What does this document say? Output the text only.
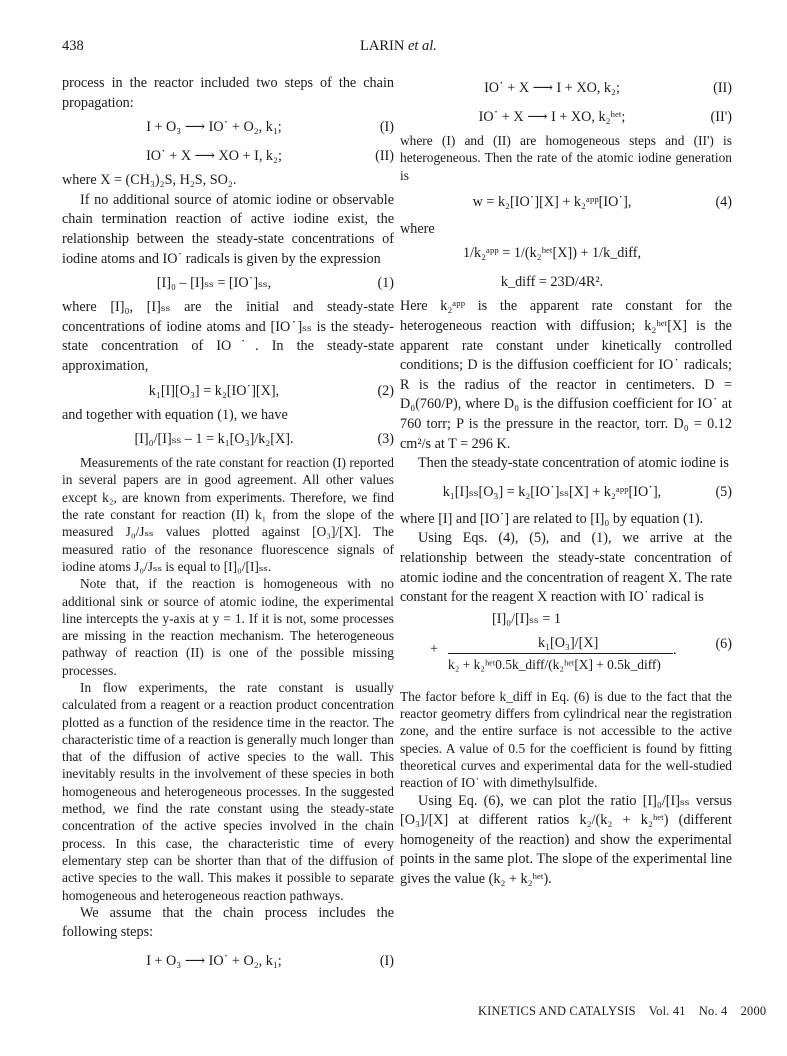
438	LARIN et al.

process in the reactor included two steps of the chain propagation:

I + O₃ ⟶ IO˙ + O₂, k₁;	(I)
IO˙ + X ⟶ XO + I, k₂;	(II)

where X = (CH₃)₂S, H₂S, SO₂.

If no additional source of atomic iodine or observable chain termination reaction of active iodine exist, the relationship between the steady-state concentrations of iodine atoms and IO˙ radicals is given by the expression

[I]₀ – [I]ₛₛ = [IO˙]ₛₛ,	(1)

where [I]₀, [I]ₛₛ are the initial and steady-state concentrations of iodine atoms and [IO˙]ₛₛ is the steady-state concentration of IO˙. In the steady-state approximation,

k₁[I][O₃] = k₂[IO˙][X],	(2)

and together with equation (1), we have

[I]₀/[I]ₛₛ – 1 = k₁[O₃]/k₂[X].	(3)

Measurements of the rate constant for reaction (I) reported in several papers are in good agreement. All other values except k₂, are known from experiments. Therefore, we find the rate constant for reaction (II) k₁ from the slope of the measured J₀/Jₛₛ values plotted against [O₃]/[X]. The measured ratio of the resonance fluorescence signals of iodine atoms J₀/Jₛₛ is equal to [I]₀/[I]ₛₛ.

Note that, if the reaction is homogeneous with no additional sink or source of atomic iodine, the experimental line intercepts the y-axis at y = 1. If it is not, some processes are missing in the reaction mechanism. The heterogeneous pathway of reaction (II) is one of the possible missing processes.

In flow experiments, the rate constant is usually calculated from a reagent or a reaction product concentration plotted as a function of the residence time in the reactor. The characteristic time of a reaction is generally much longer than that of the diffusion of active species to the wall. This inevitably results in the involvement of these species in both homogeneous and heterogeneous processes. In the suggested method, we find the rate constant using the steady-state concentration of the active species involved in the chain process. In this case, the characteristic time of every elementary step can be shorter than that of the diffusion of active species to the wall. This makes it possible to separate homogeneous and heterogeneous reaction pathways.

We assume that the chain process includes the following steps:

I + O₃ ⟶ IO˙ + O₂, k₁;	(I)
IO˙ + X ⟶ I + XO, k₂;	(II)
IO˙ + X ⟶ I + XO, k₂ʰᵉᵗ;	(II')

where (I) and (II) are homogeneous steps and (II') is heterogeneous. Then the rate of the atomic iodine generation is

w = k₂[IO˙][X] + k₂ᵃᵖᵖ[IO˙],	(4)

where

1/k₂ᵃᵖᵖ = 1/(k₂ʰᵉᵗ[X]) + 1/k_diff,
k_diff = 23D/4R².

Here k₂ᵃᵖᵖ is the apparent rate constant for the heterogeneous reaction with diffusion; k₂ʰᵉᵗ[X] is the apparent rate constant under kinetically controlled conditions; D is the diffusion coefficient for IO˙ radicals; R is the radius of the reactor in centimeters. D = D₀(760/P), where D₀ is the diffusion coefficient for IO˙ at 760 torr; P is the pressure in the reactor, torr. D₀ = 0.12 cm²/s at T = 296 K.

Then the steady-state concentration of atomic iodine is

k₁[I]ₛₛ[O₃] = k₂[IO˙]ₛₛ[X] + k₂ᵃᵖᵖ[IO˙],	(5)

where [I] and [IO˙] are related to [I]₀ by equation (1).

Using Eqs. (4), (5), and (1), we arrive at the relationship between the steady-state concentration of atomic iodine and the concentration of reagent X. The rate constant for the reagent X reaction with IO˙ radical is

[I]₀/[I]ₛₛ = 1
+	k₁[O₃]/[X]
k₂ + k₂ʰᵉᵗ0.5k_diff/(k₂ʰᵉᵗ[X] + 0.5k_diff)
.	(6)

The factor before k_diff in Eq. (6) is due to the fact that the reactor geometry differs from cylindrical near the registration zone, and the entire surface is not accessible to the active species. A value of 0.5 for the coefficient is found by fitting theoretical curves and experimental data for the well-studied reaction of IO˙ with dimethylsulfide.

Using Eq. (6), we can plot the ratio [I]₀/[I]ₛₛ versus [O₃]/[X] at different ratios k₂/(k₂ + k₂ʰᵉᵗ) (different homogeneity of the reaction) and show the experimental points in the same plot. The slope of the experimental line gives the value (k₂ + k₂ʰᵉᵗ).

KINETICS AND CATALYSIS Vol. 41 No. 4 2000
